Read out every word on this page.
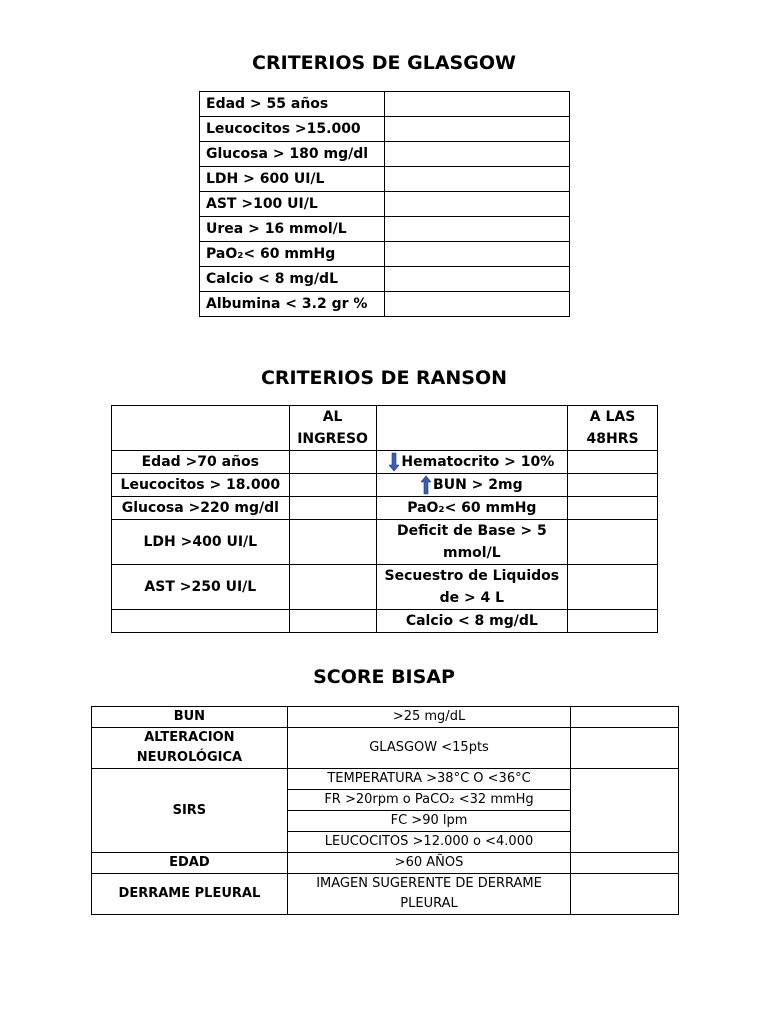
CRITERIOS DE GLASGOW
Edad > 55 años	
Leucocitos >15.000	
Glucosa > 180 mg/dl	
LDH > 600 UI/L	
AST >100 UI/L	
Urea > 16 mmol/L	
PaO₂< 60 mmHg	
Calcio < 8 mg/dL	
Albumina < 3.2 gr %	
CRITERIOS DE RANSON
	AL INGRESO		A LAS 48HRS
Edad >70 años		Hematocrito > 10%	
Leucocitos > 18.000		BUN > 2mg	
Glucosa >220 mg/dl		PaO₂< 60 mmHg	
LDH >400 UI/L		Deficit de Base > 5 mmol/L	
AST >250 UI/L		Secuestro de Liquidos de > 4 L	
		Calcio < 8 mg/dL	
SCORE BISAP
BUN	>25 mg/dL	
ALTERACION NEUROLÓGICA	GLASGOW <15pts	
SIRS	TEMPERATURA >38°C O <36°C	
	FR >20rpm o PaCO₂ <32 mmHg	
	FC >90 lpm	
	LEUCOCITOS >12.000 o <4.000	
EDAD	>60 AÑOS	
DERRAME PLEURAL	IMAGEN SUGERENTE DE DERRAME PLEURAL	
